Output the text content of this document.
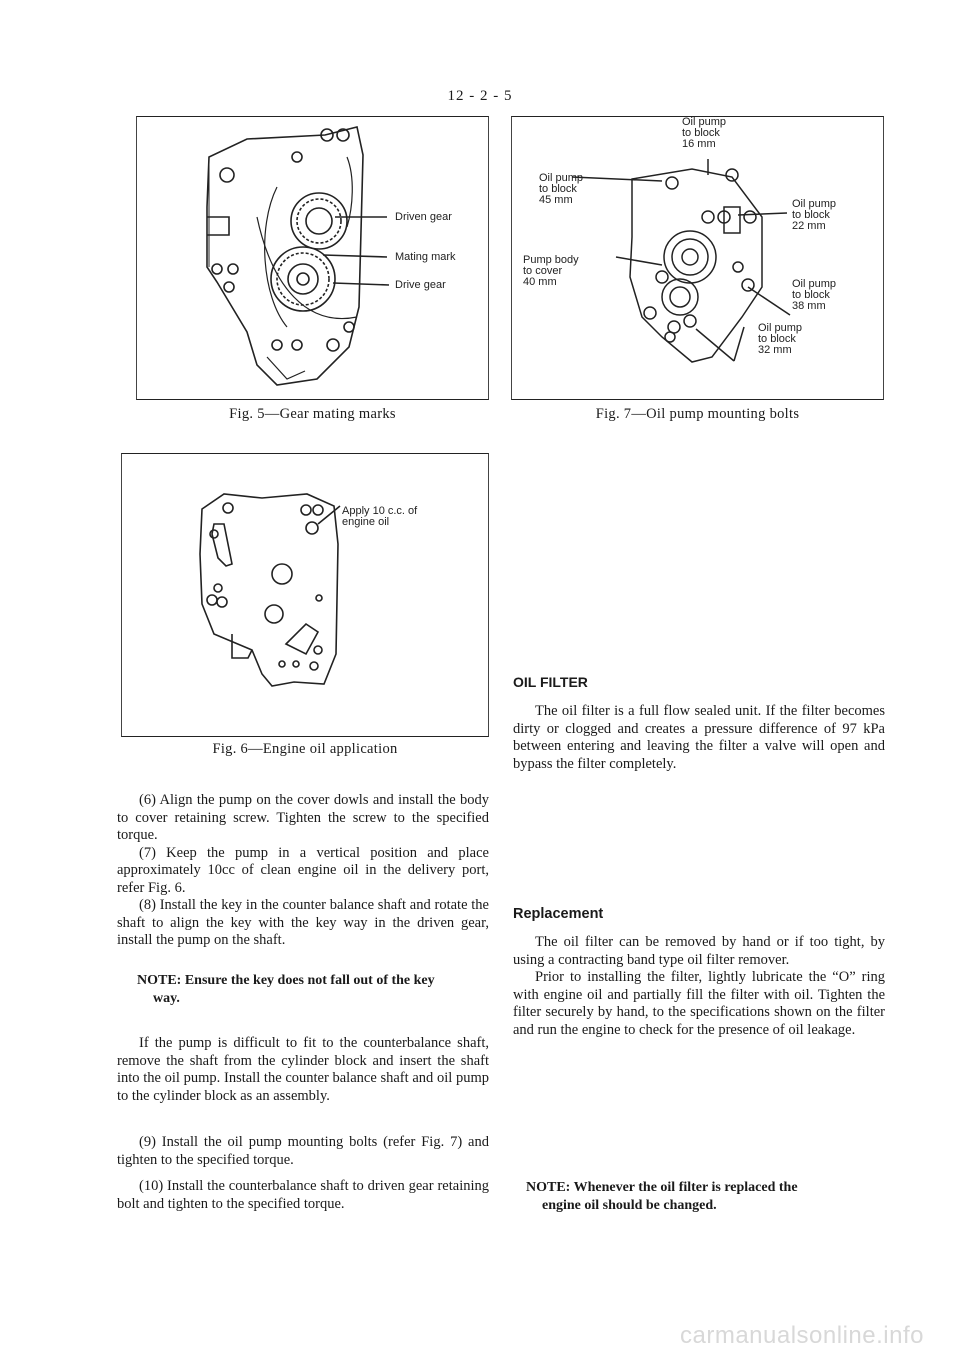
12 - 2 - 5
Driven gear
Mating mark
Drive gear
Fig. 5—Gear mating marks
Oil pump
to block
16 mm
Oil pump
to block
45 mm	Oil pump
to block
22 mm
Pump body
to cover
40 mm	Oil pump
to block
38 mm
Oil pump
to block
32 mm
Fig. 7—Oil pump mounting bolts
Apply 10 c.c. of
engine oil
Fig. 6—Engine oil application

(6) Align the pump on the cover dowls and install the body to cover retaining screw. Tighten the screw to the specified torque.

(7) Keep the pump in a vertical position and place approximately 10cc of clean engine oil in the delivery port, refer Fig. 6.

(8) Install the key in the counter balance shaft and rotate the shaft to align the key with the key way in the driven gear, install the pump on the shaft.

NOTE: Ensure the key does not fall out of the key
way.

If the pump is difficult to fit to the counterbalance shaft, remove the shaft from the cylinder block and insert the shaft into the oil pump. Install the counter balance shaft and oil pump to the cylinder block as an assembly.

(9) Install the oil pump mounting bolts (refer Fig. 7) and tighten to the specified torque.

(10) Install the counterbalance shaft to driven gear retaining bolt and tighten to the specified torque.

OIL FILTER

The oil filter is a full flow sealed unit. If the filter becomes dirty or clogged and creates a pressure difference of 97 kPa between entering and leaving the filter a valve will open and bypass the filter completely.

Replacement

The oil filter can be removed by hand or if too tight, by using a contracting band type oil filter remover.

Prior to installing the filter, lightly lubricate the “O” ring with engine oil and partially fill the filter with oil. Tighten the filter securely by hand, to the specifications shown on the filter and run the engine to check for the presence of oil leakage.

NOTE: Whenever the oil filter is replaced the
engine oil should be changed.
carmanualsonline.info
